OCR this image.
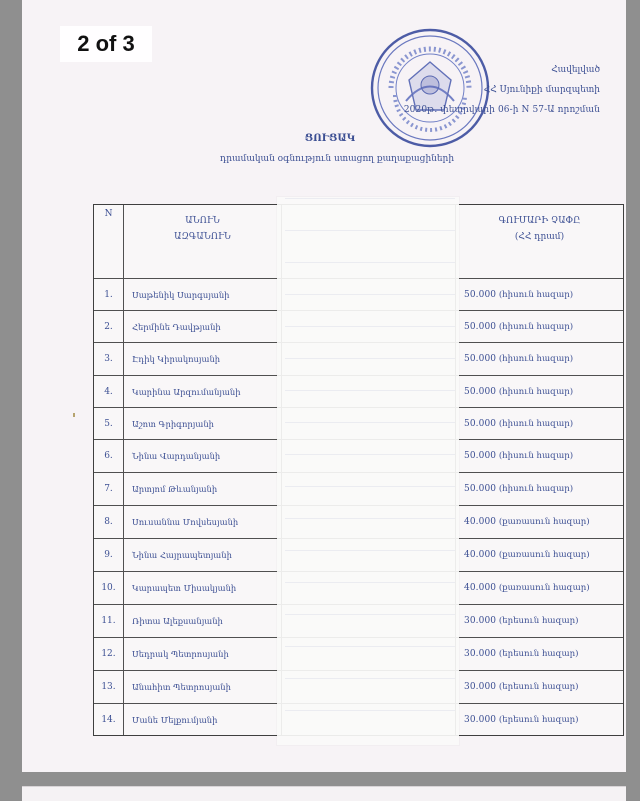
Հավելված
ՀՀ Սյունիքի մարզպետի
2020թ. փետրվարի 06-ի N 57-Ա որոշման
ՑՈՒՑԱԿ
դրամական օգնություն ստացող քաղաքացիների
N
ԱՆՈՒՆ
ԱԶԳԱՆՈՒՆ
ԳՈՒՄԱՐԻ ՉԱՓԸ
(ՀՀ դրամ)
1.	Սաթենիկ Սարգսյանի	50.000
(հիսուն հազար)
2.	Հերմինե Դավթյանի	50.000
(հիսուն հազար)
3.	Էդիկ Կիրակոսյանի	50.000
(հիսուն հազար)
4.	Կարինա Արզումանյանի	50.000
(հիսուն հազար)
5.	Աշոտ Գրիգորյանի	50.000
(հիսուն հազար)
6.	Նինա Վարդանյանի	50.000
(հիսուն հազար)
7.	Արտյոմ Թևանյանի	50.000
(հիսուն հազար)
8.	Սուսաննա Մովսեսյանի	40.000
(քառասուն հազար)
9.	Նինա Հայրապետյանի	40.000
(քառասուն հազար)
10.	Կարապետ Միսակյանի	40.000
(քառասուն հազար)
11.	Ռիտա Ալեքսանյանի	30.000
(երեսուն հազար)
12.	Սեդրակ Պետրոսյանի	30.000
(երեսուն հազար)
13.	Անահիտ Պետրոսյանի	30.000
(երեսուն հազար)
14.	Մանե Մելքումյանի	30.000
(երեսուն հազար)
2 of 3
